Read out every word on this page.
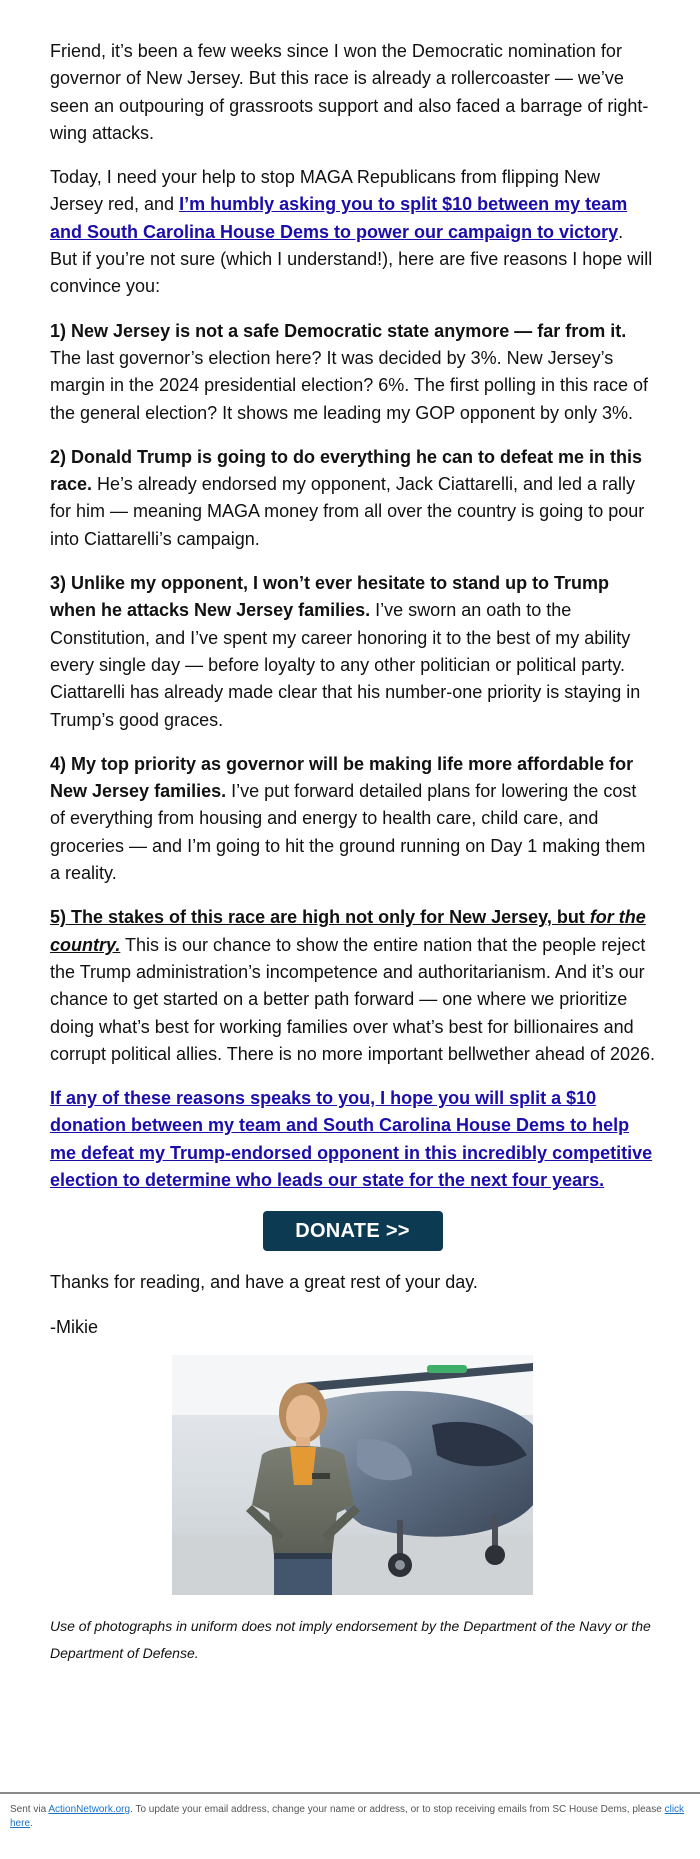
Friend, it’s been a few weeks since I won the Democratic nomination for governor of New Jersey. But this race is already a rollercoaster — we’ve seen an outpouring of grassroots support and also faced a barrage of right-wing attacks.

Today, I need your help to stop MAGA Republicans from flipping New Jersey red, and I’m humbly asking you to split $10 between my team and South Carolina House Dems to power our campaign to victory. But if you’re not sure (which I understand!), here are five reasons I hope will convince you:

1) New Jersey is not a safe Democratic state anymore — far from it. The last governor’s election here? It was decided by 3%. New Jersey’s margin in the 2024 presidential election? 6%. The first polling in this race of the general election? It shows me leading my GOP opponent by only 3%.

2) Donald Trump is going to do everything he can to defeat me in this race. He’s already endorsed my opponent, Jack Ciattarelli, and led a rally for him — meaning MAGA money from all over the country is going to pour into Ciattarelli’s campaign.

3) Unlike my opponent, I won’t ever hesitate to stand up to Trump when he attacks New Jersey families. I’ve sworn an oath to the Constitution, and I’ve spent my career honoring it to the best of my ability every single day — before loyalty to any other politician or political party. Ciattarelli has already made clear that his number-one priority is staying in Trump’s good graces.

4) My top priority as governor will be making life more affordable for New Jersey families. I’ve put forward detailed plans for lowering the cost of everything from housing and energy to health care, child care, and groceries — and I’m going to hit the ground running on Day 1 making them a reality.

5) The stakes of this race are high not only for New Jersey, but for the country. This is our chance to show the entire nation that the people reject the Trump administration’s incompetence and authoritarianism. And it’s our chance to get started on a better path forward — one where we prioritize doing what’s best for working families over what’s best for billionaires and corrupt political allies. There is no more important bellwether ahead of 2026.

If any of these reasons speaks to you, I hope you will split a $10 donation between my team and South Carolina House Dems to help me defeat my Trump-endorsed opponent in this incredibly competitive election to determine who leads our state for the next four years.

DONATE >>

Thanks for reading, and have a great rest of your day.

-Mikie

Use of photographs in uniform does not imply endorsement by the Department of the Navy or the Department of Defense.

Sent via ActionNetwork.org. To update your email address, change your name or address, or to stop receiving emails from SC House Dems, please click here.
